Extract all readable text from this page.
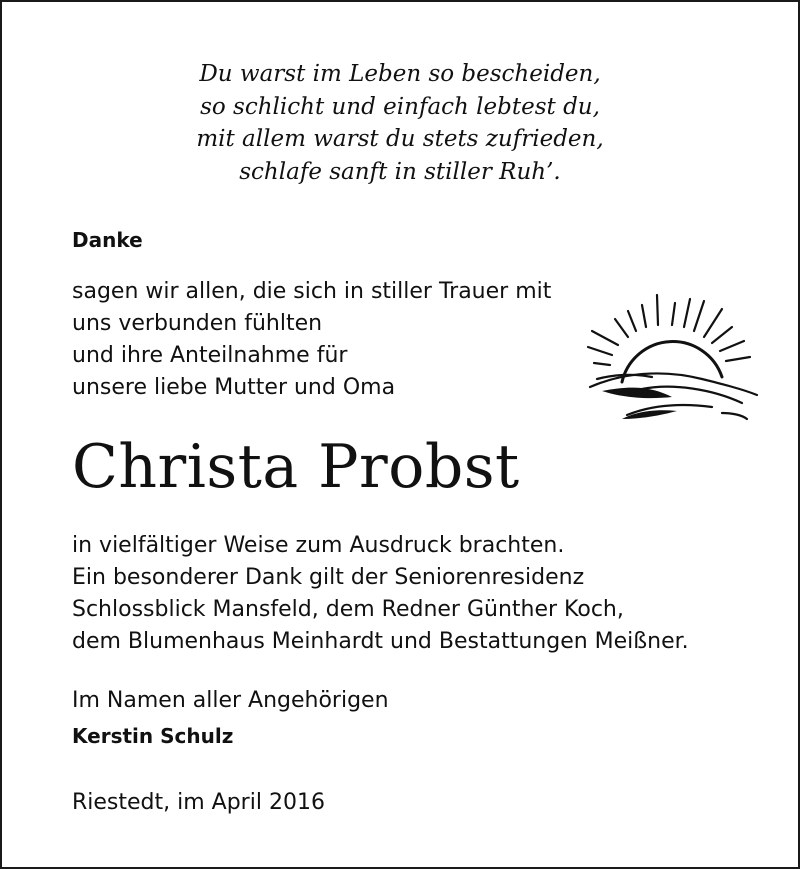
Du warst im Leben so bescheiden,
so schlicht und einfach lebtest du,
mit allem warst du stets zufrieden,
schlafe sanft in stiller Ruh’.
Danke
sagen wir allen, die sich in stiller Trauer mit
uns verbunden fühlten
und ihre Anteilnahme für
unsere liebe Mutter und Oma
Christa Probst
in vielfältiger Weise zum Ausdruck brachten.
Ein besonderer Dank gilt der Seniorenresidenz
Schlossblick Mansfeld, dem Redner Günther Koch,
dem Blumenhaus Meinhardt und Bestattungen Meißner.
Im Namen aller Angehörigen
Kerstin Schulz
Riestedt, im April 2016
